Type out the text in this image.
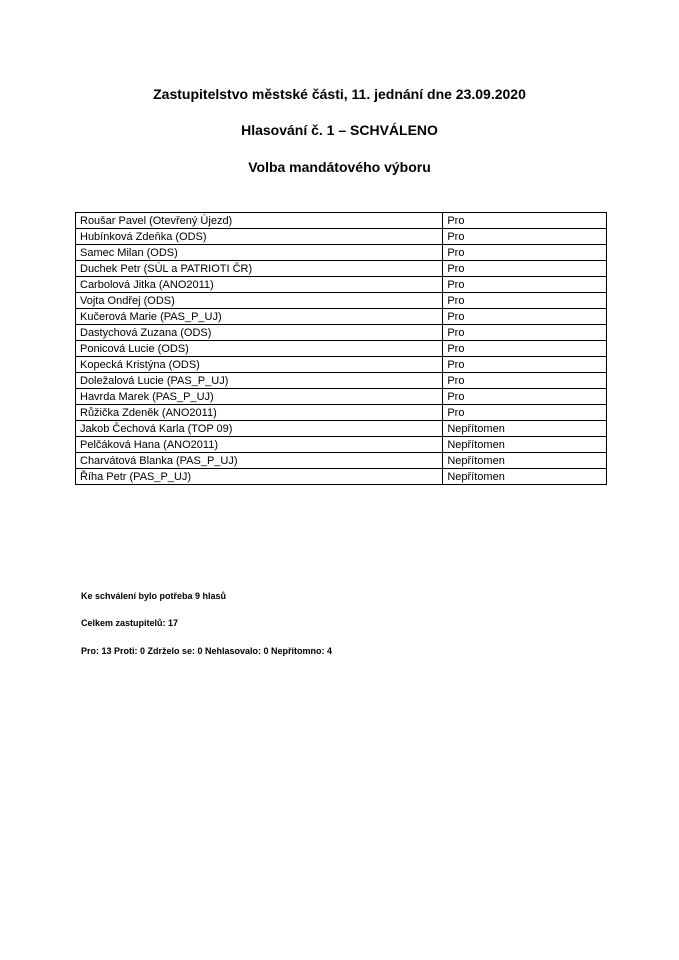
Zastupitelstvo městské části, 11. jednání dne 23.09.2020

Hlasování č. 1 – SCHVÁLENO

Volba mandátového výboru

Roušar Pavel (Otevřený Újezd)	Pro
Hubínková Zdeňka (ODS)	Pro
Samec Milan (ODS)	Pro
Duchek Petr (SÚL a PATRIOTI ČR)	Pro
Carbolová Jitka (ANO2011)	Pro
Vojta Ondřej (ODS)	Pro
Kučerová Marie (PAS_P_UJ)	Pro
Dastychová Zuzana (ODS)	Pro
Ponicová Lucie (ODS)	Pro
Kopecká Kristýna (ODS)	Pro
Doležalová Lucie (PAS_P_UJ)	Pro
Havrda Marek (PAS_P_UJ)	Pro
Růžička Zdeněk (ANO2011)	Pro
Jakob Čechová Karla (TOP 09)	Nepřítomen
Pelčáková Hana (ANO2011)	Nepřítomen
Charvátová Blanka (PAS_P_UJ)	Nepřítomen
Říha Petr (PAS_P_UJ)	Nepřítomen

Ke schválení bylo potřeba 9 hlasů

Celkem zastupitelů: 17

Pro: 13 Proti: 0 Zdrželo se: 0 Nehlasovalo: 0 Nepřítomno: 4
